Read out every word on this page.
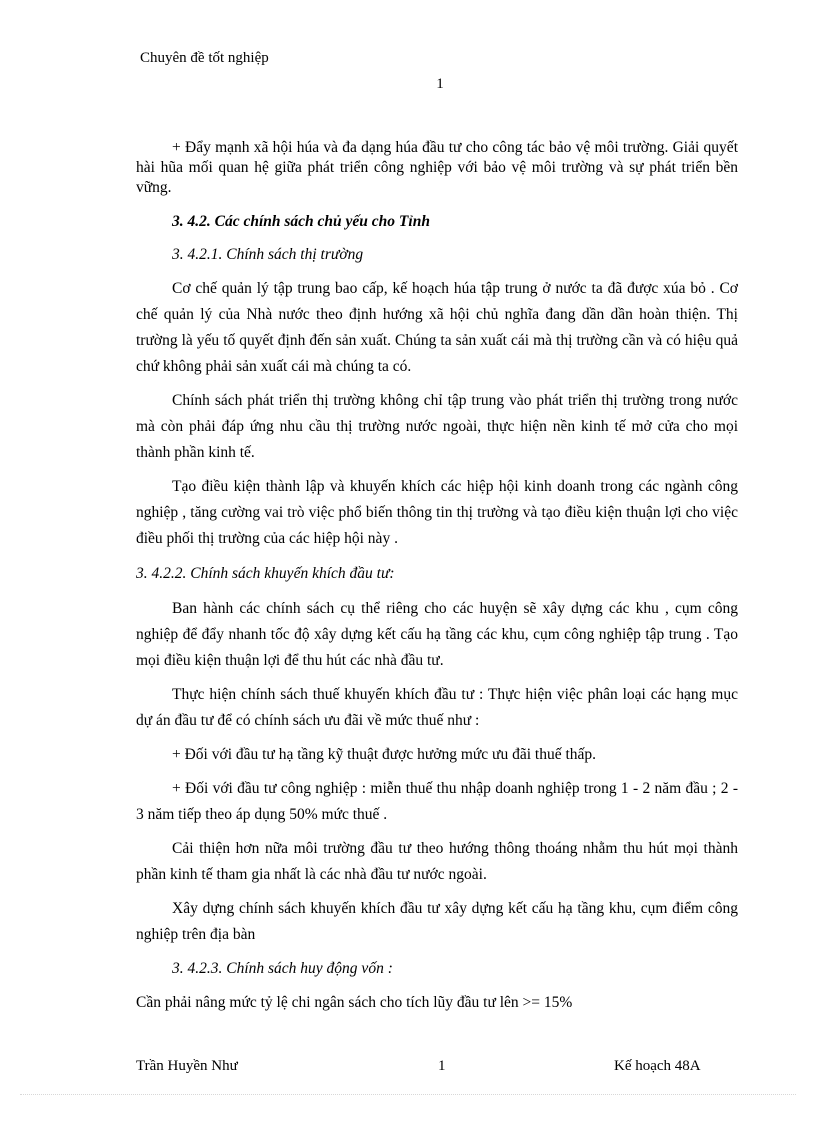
Chuyên đề tốt nghiệp
1

+ Đẩy mạnh xã hội húa và đa dạng húa đầu tư cho công tác bảo vệ môi trường. Giải quyết hài hũa mối quan hệ giữa phát triển công nghiệp với bảo vệ môi trường và sự phát triển bền vững.

3. 4.2. Các chính sách chủ yếu cho Tỉnh

3. 4.2.1. Chính sách thị trường

Cơ chế quản lý tập trung bao cấp, kế hoạch húa tập trung ở nước ta đã được xúa bỏ . Cơ chế quản lý của Nhà nước theo định hướng xã hội chủ nghĩa đang dần dần hoàn thiện. Thị trường là yếu tố quyết định đến sản xuất. Chúng ta sản xuất cái mà thị trường cần và có hiệu quả chứ không phải sản xuất cái mà chúng ta có.

Chính sách phát triển thị trường không chỉ tập trung vào phát triển thị trường trong nước mà còn phải đáp ứng nhu cầu thị trường nước ngoài, thực hiện nền kinh tế mở cửa cho mọi thành phần kinh tế.

Tạo điều kiện thành lập và khuyến khích các hiệp hội kinh doanh trong các ngành công nghiệp , tăng cường vai trò việc phổ biến thông tin thị trường và tạo điều kiện thuận lợi cho việc điều phối thị trường của các hiệp hội này .

3. 4.2.2. Chính sách khuyến khích đầu tư:

Ban hành các chính sách cụ thể riêng cho các huyện sẽ xây dựng các khu , cụm công nghiệp để đẩy nhanh tốc độ xây dựng kết cấu hạ tầng các khu, cụm công nghiệp tập trung . Tạo mọi điều kiện thuận lợi để thu hút các nhà đầu tư.

Thực hiện chính sách thuế khuyến khích đầu tư : Thực hiện việc phân loại các hạng mục dự án đầu tư để có chính sách ưu đãi về mức thuế như :

+ Đối với đầu tư hạ tầng kỹ thuật được hưởng mức ưu đãi thuế thấp.

+ Đối với đầu tư công nghiệp : miễn thuế thu nhập doanh nghiệp trong 1 - 2 năm đầu ; 2 - 3 năm tiếp theo áp dụng 50% mức thuế .

Cải thiện hơn nữa môi trường đầu tư theo hướng thông thoáng nhằm thu hút mọi thành phần kinh tế tham gia nhất là các nhà đầu tư nước ngoài.

Xây dựng chính sách khuyến khích đầu tư xây dựng kết cấu hạ tầng khu, cụm điểm công nghiệp trên địa bàn

3. 4.2.3. Chính sách huy động vốn :

Cần phải nâng mức tỷ lệ chi ngân sách cho tích lũy đầu tư lên >= 15%

Trần Huyền Như	1	Kế hoạch 48A
